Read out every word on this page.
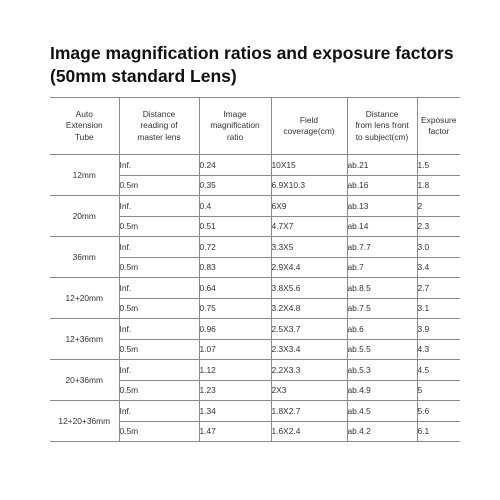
Image magnification ratios and exposure factors
(50mm standard Lens)
Auto
Extension
Tube	Distance
reading of
master lens	Image
magnification
ratio	Field
coverage(cm)	Distance
from lens front
to subject(cm)	Exposure
factor
12mm	Inf.	0.24	10X15	ab.21	1.5
	0.5m	0.35	6.9X10.3	ab.16	1.8
20mm	Inf.	0.4	6X9	ab.13	2
	0.5m	0.51	4.7X7	ab.14	2.3
36mm	Inf.	0.72	3.3X5	ab.7.7	3.0
	0.5m	0.83	2.9X4.4	ab.7	3.4
12+20mm	Inf.	0.64	3.8X5.6	ab.8.5	2.7
	0.5m	0.75	3.2X4.8	ab.7.5	3.1
12+36mm	Inf.	0.96	2.5X3.7	ab.6	3.9
	0.5m	1.07	2.3X3.4	ab.5.5	4.3
20+36mm	Inf.	1.12	2.2X3.3	ab.5.3	4.5
	0.5m	1.23	2X3	ab.4.9	5
12+20+36mm	Inf.	1.34	1.8X2.7	ab.4.5	5.6
	0.5m	1.47	1.6X2.4	ab.4.2	6.1
